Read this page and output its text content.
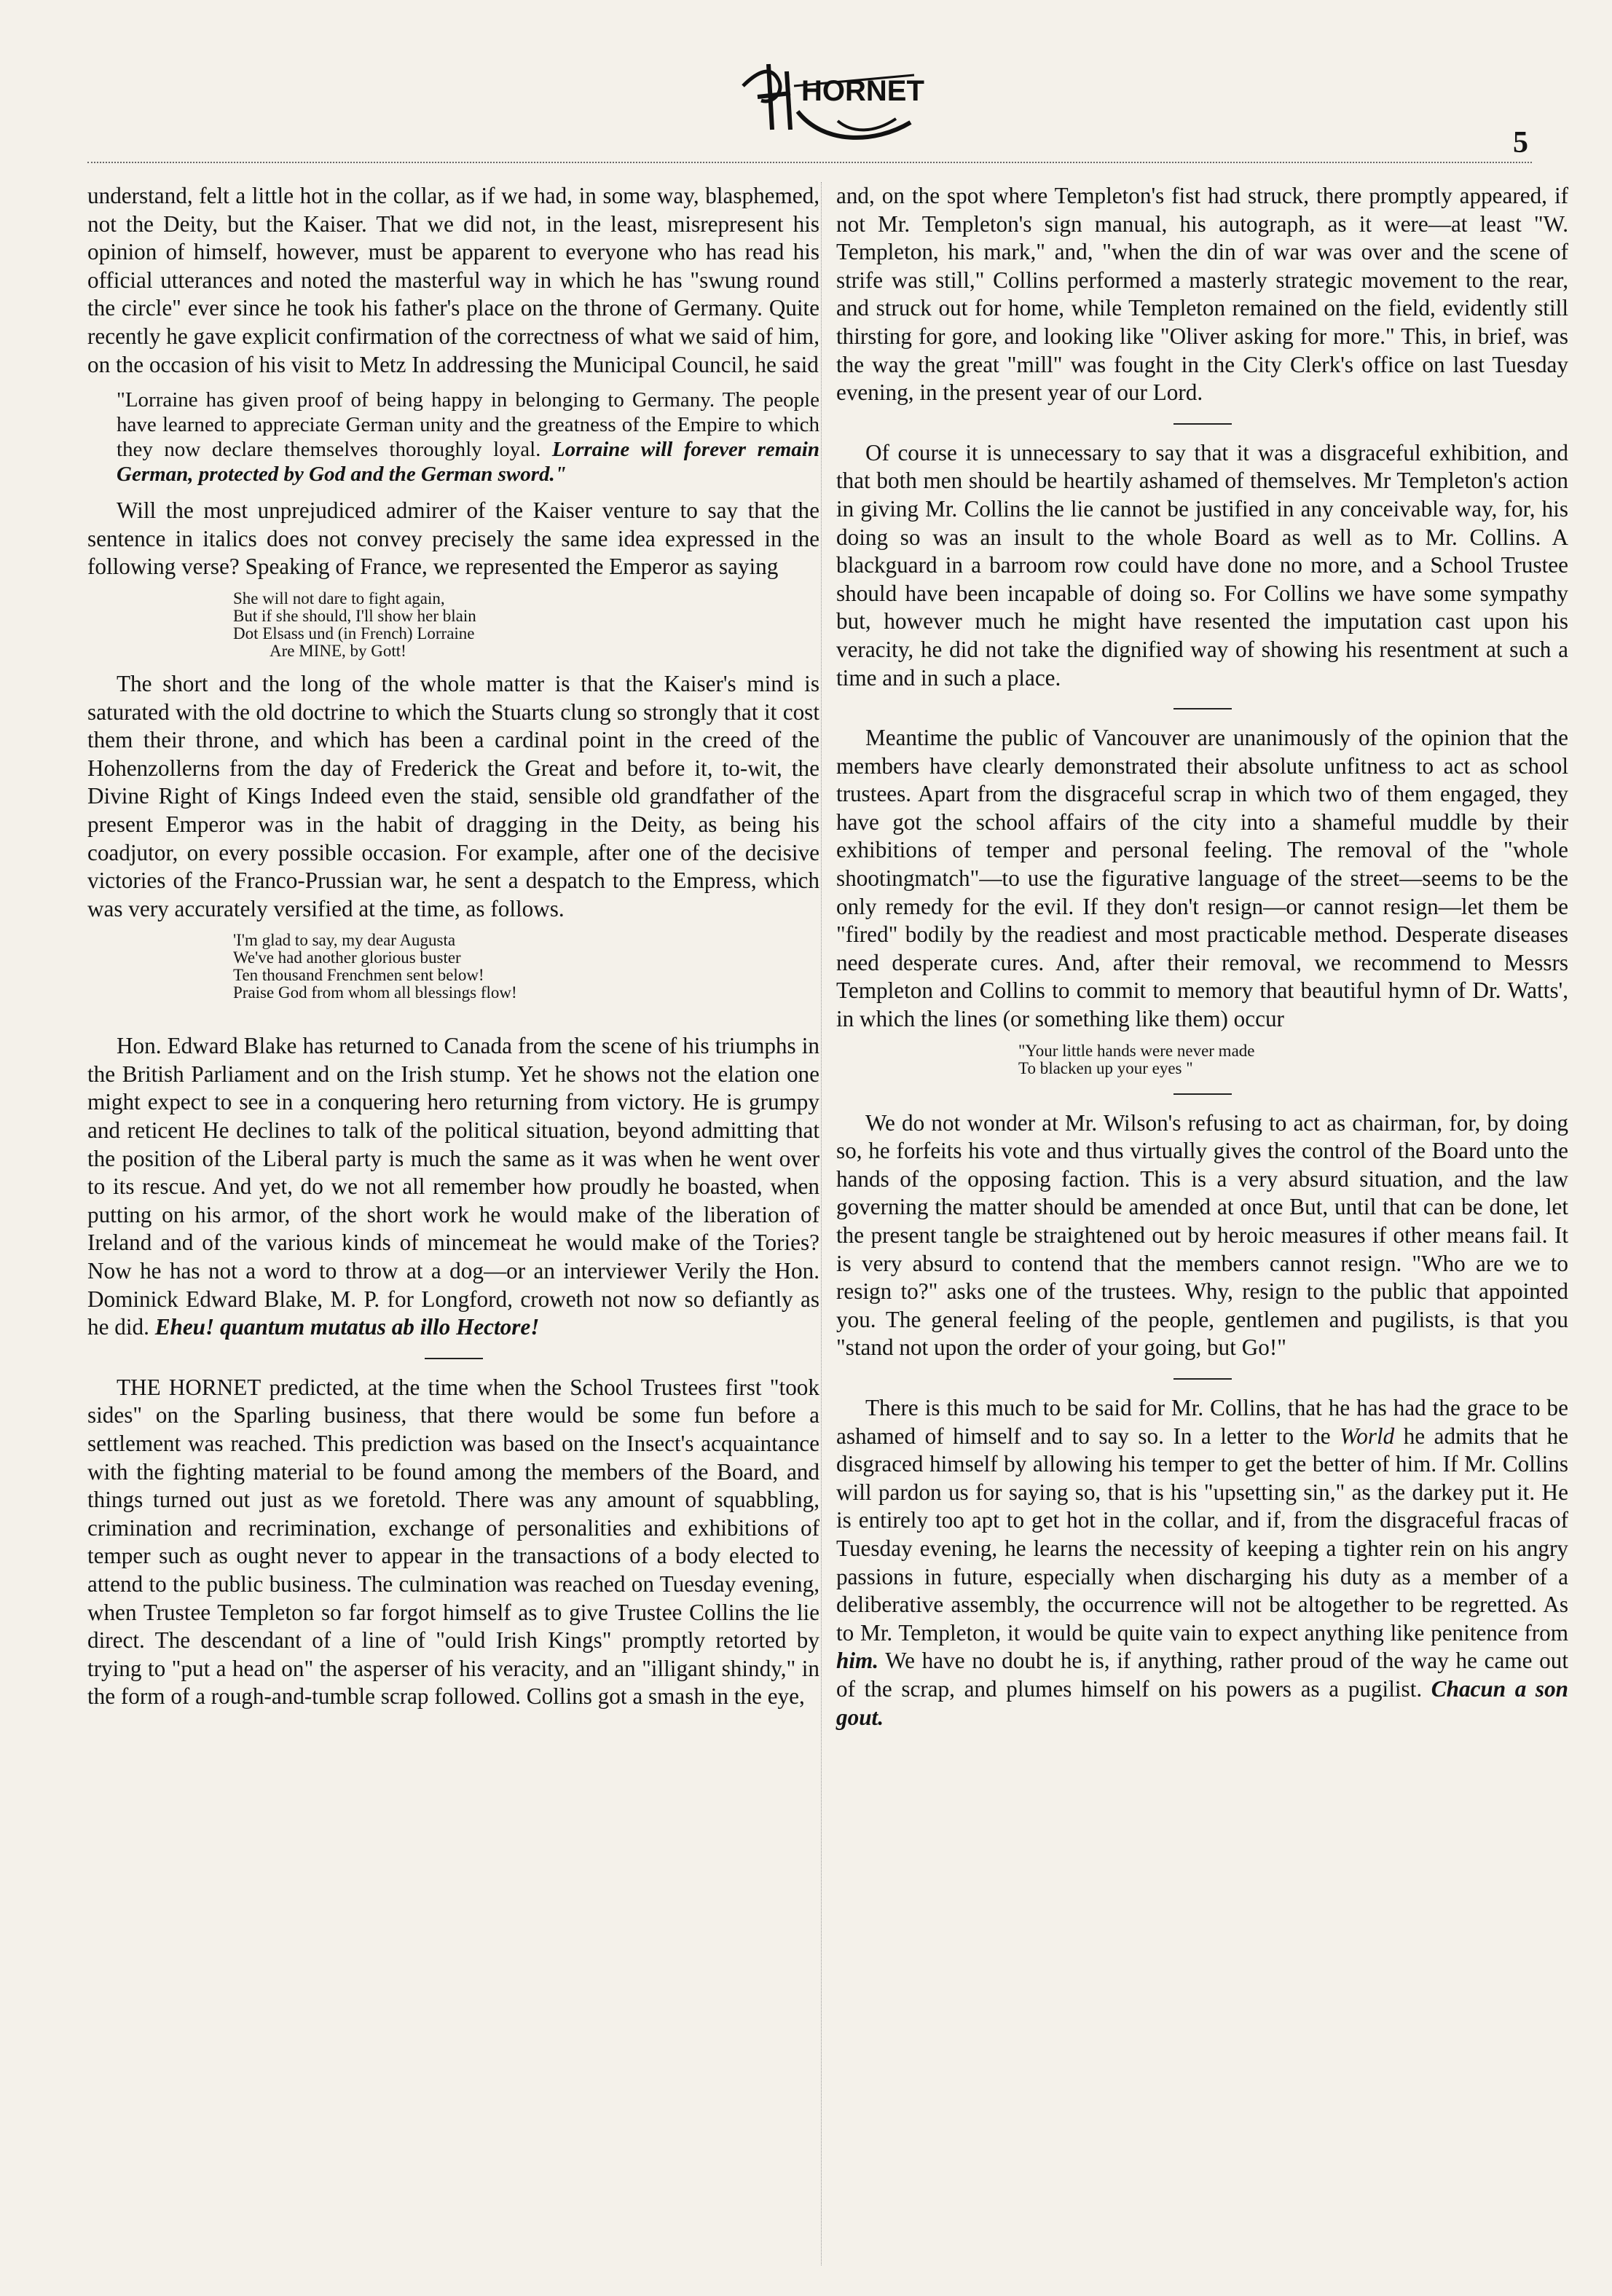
HORNET
5

understand, felt a little hot in the collar, as if we had, in some way, blasphemed, not the Deity, but the Kaiser. That we did not, in the least, misrepresent his opinion of himself, however, must be apparent to everyone who has read his official utterances and noted the masterful way in which he has "swung round the circle" ever since he took his father's place on the throne of Germany. Quite recently he gave explicit confirmation of the correctness of what we said of him, on the occasion of his visit to Metz In addressing the Municipal Council, he said

"Lorraine has given proof of being happy in belonging to Germany. The people have learned to appreciate German unity and the greatness of the Empire to which they now declare themselves thoroughly loyal. Lorraine will forever remain German, protected by God and the German sword."

Will the most unprejudiced admirer of the Kaiser venture to say that the sentence in italics does not convey precisely the same idea expressed in the following verse? Speaking of France, we represented the Emperor as saying

She will not dare to fight again,
But if she should, I'll show her blain
Dot Elsass und (in French) Lorraine
Are MINE, by Gott!

The short and the long of the whole matter is that the Kaiser's mind is saturated with the old doctrine to which the Stuarts clung so strongly that it cost them their throne, and which has been a cardinal point in the creed of the Hohenzollerns from the day of Frederick the Great and before it, to-wit, the Divine Right of Kings Indeed even the staid, sensible old grandfather of the present Emperor was in the habit of dragging in the Deity, as being his coadjutor, on every possible occasion. For example, after one of the decisive victories of the Franco-Prussian war, he sent a despatch to the Empress, which was very accurately versified at the time, as follows.

'I'm glad to say, my dear Augusta
We've had another glorious buster
Ten thousand Frenchmen sent below!
Praise God from whom all blessings flow!

Hon. Edward Blake has returned to Canada from the scene of his triumphs in the British Parliament and on the Irish stump. Yet he shows not the elation one might expect to see in a conquering hero returning from victory. He is grumpy and reticent He declines to talk of the political situation, beyond admitting that the position of the Liberal party is much the same as it was when he went over to its rescue. And yet, do we not all remember how proudly he boasted, when putting on his armor, of the short work he would make of the liberation of Ireland and of the various kinds of mincemeat he would make of the Tories? Now he has not a word to throw at a dog—or an interviewer Verily the Hon. Dominick Edward Blake, M. P. for Longford, croweth not now so defiantly as he did. Eheu! quantum mutatus ab illo Hectore!

THE HORNET predicted, at the time when the School Trustees first "took sides" on the Sparling business, that there would be some fun before a settlement was reached. This prediction was based on the Insect's acquaintance with the fighting material to be found among the members of the Board, and things turned out just as we foretold. There was any amount of squabbling, crimination and recrimination, exchange of personalities and exhibitions of temper such as ought never to appear in the transactions of a body elected to attend to the public business. The culmination was reached on Tuesday evening, when Trustee Templeton so far forgot himself as to give Trustee Collins the lie direct. The descendant of a line of "ould Irish Kings" promptly retorted by trying to "put a head on" the asperser of his veracity, and an "illigant shindy," in the form of a rough-and-tumble scrap followed. Collins got a smash in the eye,

and, on the spot where Templeton's fist had struck, there promptly appeared, if not Mr. Templeton's sign manual, his autograph, as it were—at least "W. Templeton, his mark," and, "when the din of war was over and the scene of strife was still," Collins performed a masterly strategic movement to the rear, and struck out for home, while Templeton remained on the field, evidently still thirsting for gore, and looking like "Oliver asking for more." This, in brief, was the way the great "mill" was fought in the City Clerk's office on last Tuesday evening, in the present year of our Lord.

Of course it is unnecessary to say that it was a disgraceful exhibition, and that both men should be heartily ashamed of themselves. Mr Templeton's action in giving Mr. Collins the lie cannot be justified in any conceivable way, for, his doing so was an insult to the whole Board as well as to Mr. Collins. A blackguard in a barroom row could have done no more, and a School Trustee should have been incapable of doing so. For Collins we have some sympathy but, however much he might have resented the imputation cast upon his veracity, he did not take the dignified way of showing his resentment at such a time and in such a place.

Meantime the public of Vancouver are unanimously of the opinion that the members have clearly demonstrated their absolute unfitness to act as school trustees. Apart from the disgraceful scrap in which two of them engaged, they have got the school affairs of the city into a shameful muddle by their exhibitions of temper and personal feeling. The removal of the "whole shootingmatch"—to use the figurative language of the street—seems to be the only remedy for the evil. If they don't resign—or cannot resign—let them be "fired" bodily by the readiest and most practicable method. Desperate diseases need desperate cures. And, after their removal, we recommend to Messrs Templeton and Collins to commit to memory that beautiful hymn of Dr. Watts', in which the lines (or something like them) occur

"Your little hands were never made
To blacken up your eyes "

We do not wonder at Mr. Wilson's refusing to act as chairman, for, by doing so, he forfeits his vote and thus virtually gives the control of the Board unto the hands of the opposing faction. This is a very absurd situation, and the law governing the matter should be amended at once But, until that can be done, let the present tangle be straightened out by heroic measures if other means fail. It is very absurd to contend that the members cannot resign. "Who are we to resign to?" asks one of the trustees. Why, resign to the public that appointed you. The general feeling of the people, gentlemen and pugilists, is that you "stand not upon the order of your going, but Go!"

There is this much to be said for Mr. Collins, that he has had the grace to be ashamed of himself and to say so. In a letter to the World he admits that he disgraced himself by allowing his temper to get the better of him. If Mr. Collins will pardon us for saying so, that is his "upsetting sin," as the darkey put it. He is entirely too apt to get hot in the collar, and if, from the disgraceful fracas of Tuesday evening, he learns the necessity of keeping a tighter rein on his angry passions in future, especially when discharging his duty as a member of a deliberative assembly, the occurrence will not be altogether to be regretted. As to Mr. Templeton, it would be quite vain to expect anything like penitence from him. We have no doubt he is, if anything, rather proud of the way he came out of the scrap, and plumes himself on his powers as a pugilist. Chacun a son gout.
